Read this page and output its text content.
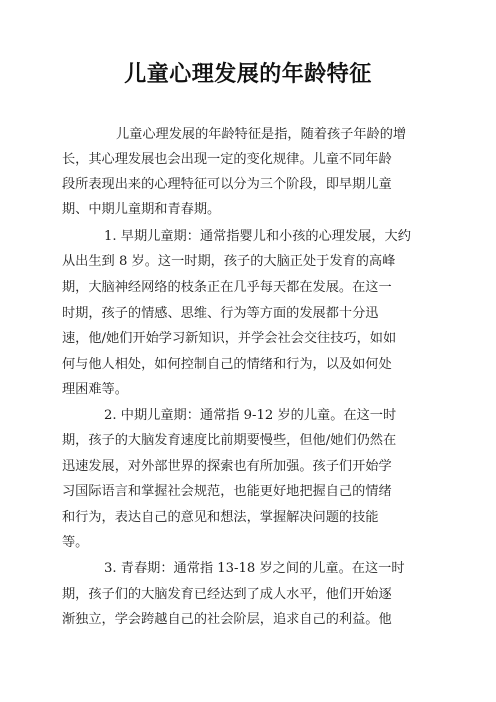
儿童心理发展的年龄特征
儿童心理发展的年龄特征是指，随着孩子年龄的增
长，其心理发展也会出现一定的变化规律。儿童不同年龄
段所表现出来的心理特征可以分为三个阶段，即早期儿童
期、中期儿童期和青春期。
1. 早期儿童期：通常指婴儿和小孩的心理发展，大约
从出生到 8 岁。这一时期，孩子的大脑正处于发育的高峰
期，大脑神经网络的枝条正在几乎每天都在发展。在这一
时期，孩子的情感、思维、行为等方面的发展都十分迅
速，他/她们开始学习新知识，并学会社会交往技巧，如如
何与他人相处，如何控制自己的情绪和行为，以及如何处
理困难等。
2. 中期儿童期：通常指 9-12 岁的儿童。在这一时
期，孩子的大脑发育速度比前期要慢些，但他/她们仍然在
迅速发展，对外部世界的探索也有所加强。孩子们开始学
习国际语言和掌握社会规范，也能更好地把握自己的情绪
和行为，表达自己的意见和想法，掌握解决问题的技能
等。
3. 青春期：通常指 13-18 岁之间的儿童。在这一时
期，孩子们的大脑发育已经达到了成人水平，他们开始逐
渐独立，学会跨越自己的社会阶层，追求自己的利益。他
